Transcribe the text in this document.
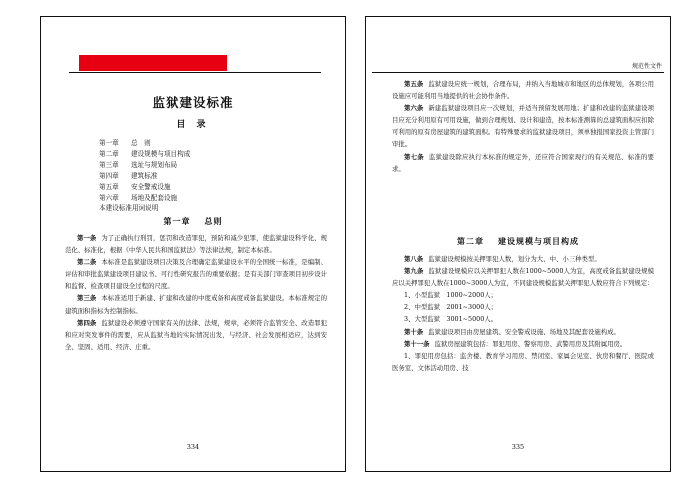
监狱建设标准
目 录
第一章 总　则
第二章 建设规模与项目构成
第三章 选址与规划布局
第四章 建筑标准
第五章 安全警戒设施
第六章 场地及配套设施
本建设标准用词说明
第一章 总则

第一条 为了正确执行刑罚，惩罚和改造罪犯，预防和减少犯罪，使监狱建设科学化、规范化、标准化，根据《中华人民共和国监狱法》等法律法规，制定本标准。

第二条 本标准是监狱建设项目决策及合理确定监狱建设水平的全国统一标准，是编制、评估和审批监狱建设项目建议书、可行性研究报告的重要依据；是有关部门审查项目初步设计和监督、检查项目建设全过程的尺度。

第三条 本标准适用于新建、扩建和改建的中度戒备和高度戒备监狱建设。本标准规定的建筑面积指标为控制指标。

第四条 监狱建设必须遵守国家有关的法律、法规，规章，必须符合监管安全、改造罪犯和应对突发事件的需要，应从监狱当地的实际情况出发，与经济、社会发展相适应，达到安全、坚固、适用、经济、庄重。

334
规范性文件

第五条 监狱建设应统一规划，合理布局，并纳入当地城市和地区的总体规划，各项公用设施应可能利用当地提供的社会协作条件。

第六条 新建监狱建设项目应一次规划，并适当预留发展用地；扩建和改建的监狱建设项目应充分利用原有可用设施，做到合理规划、设计和建造，按本标准测算的总建筑面积应扣除可利用的原有房屋建筑的建筑面积。有特殊要求的监狱建设项目，须单独报国家投资主管部门审批。

第七条 监狱建设除应执行本标准的规定外，还应符合国家现行的有关规范、标准的要求。

第二章 建设规模与项目构成

第八条 监狱建设规模按关押罪犯人数，划分为大、中、小三种类型。

第九条 监狱建设规模应以关押罪犯人数在1000~5000人为宜，高度戒备监狱建设规模应以关押罪犯人数在1000~3000人为宜，不同建设规模监狱关押罪犯人数应符合下列规定：

1、小型监狱　1000~2000人；

2、中型监狱　2001~3000人；

3、大型监狱　3001~5000人。

第十条 监狱建设项目由房屋建筑、安全警戒设施、场地及其配套设施构成。

第十一条 监狱房屋建筑包括：罪犯用房、警察用房、武警用房及其附属用房。

1、罪犯用房包括：监舍楼、教育学习用房、禁闭室、家属会见室、伙房和餐厅、医院或医务室、文体活动用房、技

335
